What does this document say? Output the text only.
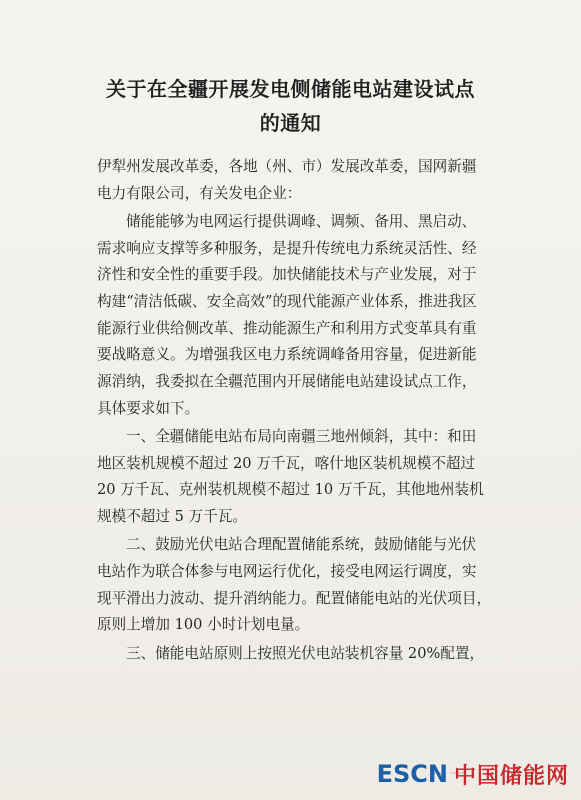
关于在全疆开展发电侧储能电站建设试点
的通知
伊犁州发展改革委，各地（州、市）发展改革委，国网新疆
电力有限公司，有关发电企业：
储能能够为电网运行提供调峰、调频、备用、黑启动、
需求响应支撑等多种服务，是提升传统电力系统灵活性、经
济性和安全性的重要手段。加快储能技术与产业发展，对于
构建“清洁低碳、安全高效”的现代能源产业体系，推进我区
能源行业供给侧改革、推动能源生产和利用方式变革具有重
要战略意义。为增强我区电力系统调峰备用容量，促进新能
源消纳，我委拟在全疆范围内开展储能电站建设试点工作，
具体要求如下。
一、全疆储能电站布局向南疆三地州倾斜，其中：和田
地区装机规模不超过 20 万千瓦，喀什地区装机规模不超过
20 万千瓦、克州装机规模不超过 10 万千瓦，其他地州装机
规模不超过 5 万千瓦。
二、鼓励光伏电站合理配置储能系统，鼓励储能与光伏
电站作为联合体参与电网运行优化，接受电网运行调度，实
现平滑出力波动、提升消纳能力。配置储能电站的光伏项目，
原则上增加 100 小时计划电量。
三、储能电站原则上按照光伏电站装机容量 20%配置，
ESCN 中国储能网
